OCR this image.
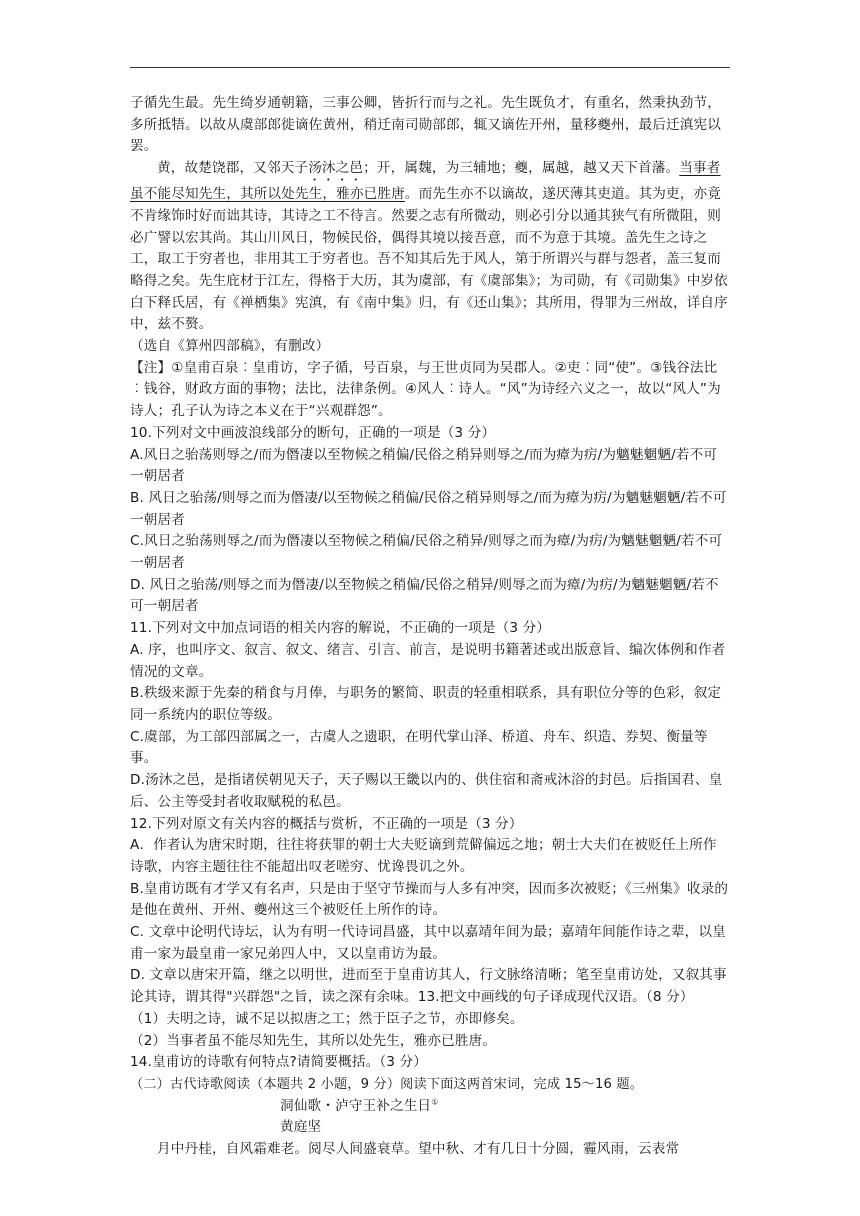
子循先生最。先生绮岁通朝籍，三事公卿，皆折行而与之礼。先生既负才，有重名，然秉执劲节，多所抵牾。以故从虞部郎徙谪佐黄州，稍迁南司勋部郎，辄又谪佐开州，量移夔州，最后迁滇宪以罢。

黄，故楚饶郡，又邻天子汤沐之邑；开，属魏，为三辅地；夔，属越，越又天下首藩。当事者虽不能尽知先生，其所以处先生，雅亦已胜唐。而先生亦不以谪故，遂厌薄其吏道。其为吏，亦竟不肯缘饰时好而诎其诗，其诗之工不待言。然要之志有所微动，则必引分以通其狭气有所微阻，则必广譬以宏其尚。其山川风日，物候民俗，偶得其境以接吾意，而不为意于其境。盖先生之诗之工，取工于穷者也，非用其工于穷者也。吾不知其后先于风人，第于所谓兴与群与怨者，盖三复而略得之矣。先生庇材于江左，得格于大历，其为虞部，有《虞部集》；为司勋，有《司勋集》中岁依白下释氏居，有《禅栖集》宪滇，有《南中集》归，有《还山集》；其所用，得罪为三州故，详自序中，兹不赘。

（选自《算州四部稿》，有删改）

【注】①皇甫百泉︰皇甫访，字子循，号百泉，与王世贞同为吴郡人。②吏︰同“使”。③钱谷法比︰钱谷，财政方面的事物；法比，法律条例。④风人︰诗人。“风”为诗经六义之一，故以“风人”为诗人；孔子认为诗之本义在于“兴观群怨”。

10.下列对文中画波浪线部分的断句，正确的一项是（3 分）

A.风日之骀荡则辱之/而为僭凄以至物候之稍偏/民俗之稍异则辱之/而为瘴为疠/为魑魅魍魉/若不可一朝居者

B. 风日之骀荡/则辱之而为僭凄/以至物候之稍偏/民俗之稍异则辱之/而为瘴为疠/为魑魅魍魉/若不可一朝居者

C.风日之骀荡则辱之/而为僭凄以至物候之稍偏/民俗之稍异/则辱之而为瘴/为疠/为魑魅魍魉/若不可一朝居者

D. 风日之骀荡/则辱之而为僭凄/以至物候之稍偏/民俗之稍异/则辱之而为瘴/为疠/为魑魅魍魉/若不可一朝居者

11.下列对文中加点词语的相关内容的解说，不正确的一项是（3 分）

A. 序，也叫序文、叙言、叙文、绪言、引言、前言，是说明书籍著述或出版意旨、编次体例和作者情况的文章。

B.秩级来源于先秦的稍食与月俸，与职务的繁简、职责的轻重相联系，具有职位分等的色彩，叙定同一系统内的职位等级。

C.虞部，为工部四部属之一，古虞人之遗职，在明代掌山泽、桥道、舟车、织造、券契、衡量等事。

D.汤沐之邑，是指诸侯朝见天子，天子赐以王畿以内的、供住宿和斋戒沐浴的封邑。后指国君、皇后、公主等受封者收取赋税的私邑。

12.下列对原文有关内容的概括与赏析，不正确的一项是（3 分）

A．作者认为唐宋时期，往往将获罪的朝士大夫贬谪到荒僻偏远之地；朝士大夫们在被贬任上所作诗歌，内容主题往往不能超出叹老嗟穷、忧谗畏讥之外。

B.皇甫访既有才学又有名声，只是由于坚守节操而与人多有冲突，因而多次被贬；《三州集》收录的是他在黄州、开州、夔州这三个被贬任上所作的诗。

C. 文章中论明代诗坛，认为有明一代诗词昌盛，其中以嘉靖年间为最；嘉靖年间能作诗之辈，以皇甫一家为最皇甫一家兄弟四人中，又以皇甫访为最。

D. 文章以唐宋开篇，继之以明世，进而至于皇甫访其人，行文脉络清晰；笔至皇甫访处，又叙其事论其诗，谓其得"兴群怨"之旨，读之深有余味。13.把文中画线的句子译成现代汉语。（8 分）

（1）夫明之诗，诚不足以拟唐之工；然于臣子之节，亦即修矣。

（2）当事者虽不能尽知先生，其所以处先生，雅亦已胜唐。

14.皇甫访的诗歌有何特点?请简要概括。（3 分）

（二）古代诗歌阅读（本题共 2 小题，9 分）阅读下面这两首宋词，完成 15～16 题。

洞仙歌・泸守王补之生日①

黄庭坚

月中丹桂，自风霜难老。阅尽人间盛衰草。望中秋、才有几日十分圆，霾风雨，云表常
